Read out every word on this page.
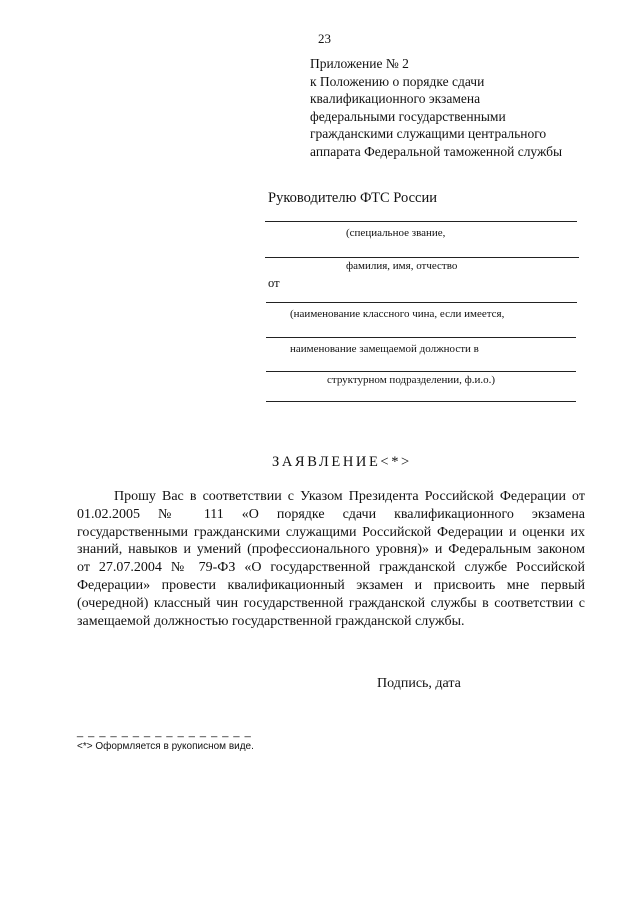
23
Приложение № 2
к Положению о порядке сдачи
квалификационного экзамена
федеральными государственными
гражданскими служащими центрального
аппарата Федеральной таможенной службы
Руководителю ФТС России
(специальное звание,
фамилия, имя, отчество
от
(наименование классного чина, если имеется,
наименование замещаемой должности в
структурном подразделении, ф.и.о.)
ЗАЯВЛЕНИЕ<*>
Прошу Вас в соответствии с Указом Президента Российской Федерации от
01.02.2005 № 111 «О порядке сдачи квалификационного экзамена
государственными гражданскими служащими Российской Федерации и оценки их
знаний, навыков и умений (профессионального уровня)» и Федеральным законом
от 27.07.2004 № 79-ФЗ «О государственной гражданской службе Российской
Федерации» провести квалификационный экзамен и присвоить мне первый
(очередной) классный чин государственной гражданской службы в соответствии с
замещаемой должностью государственной гражданской службы.
Подпись, дата
_ _ _ _ _ _ _ _ _ _ _ _ _ _ _ _
<*> Оформляется в рукописном виде.
